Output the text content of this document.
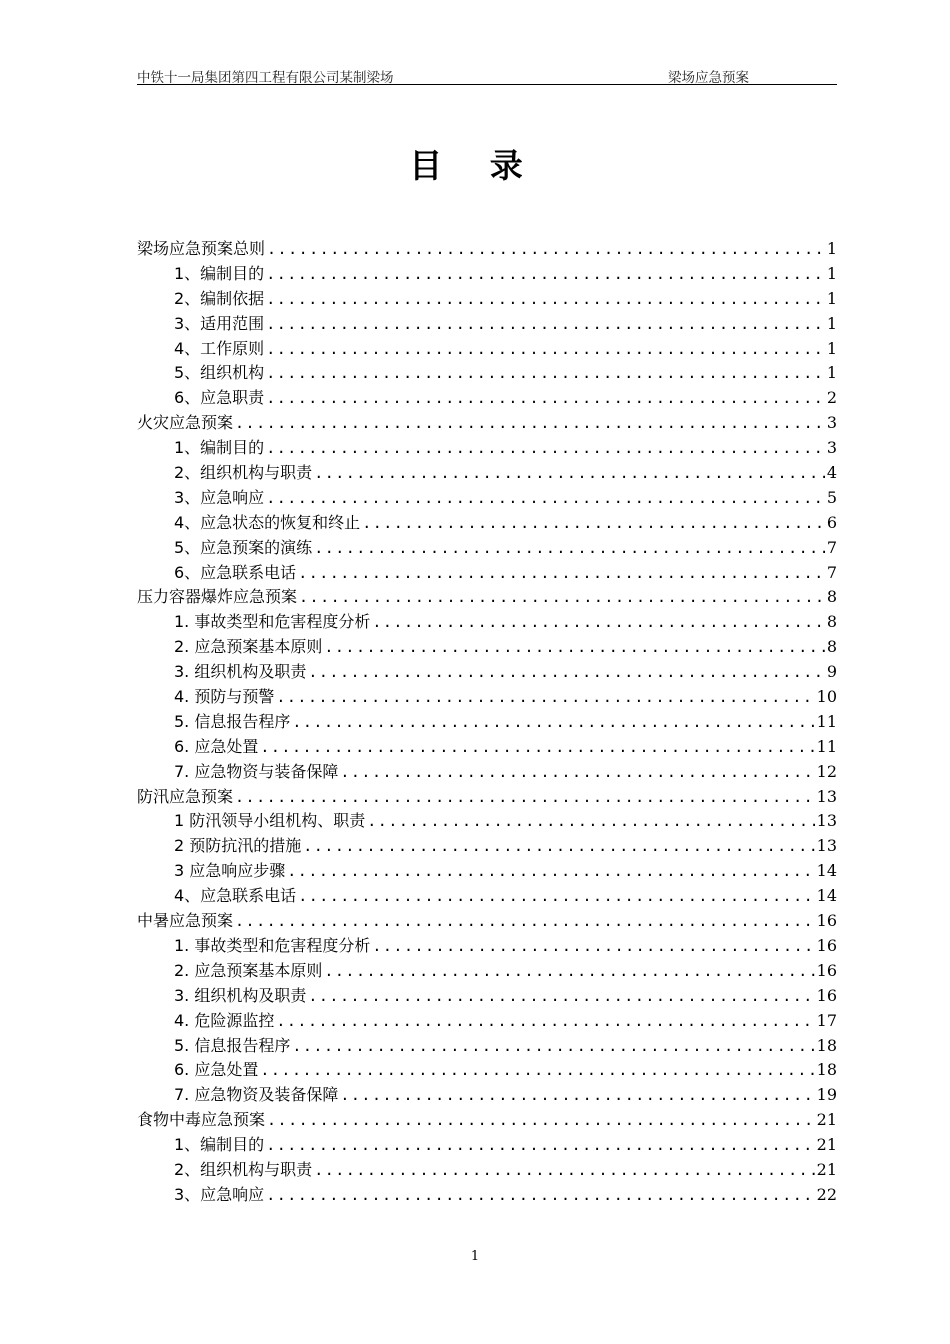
中铁十一局集团第四工程有限公司某制梁场	梁场应急预案
目 录
梁场应急预案总则 .....	1
1、编制目的 .....	1
2、编制依据 .....	1
3、适用范围 .....	1
4、工作原则 .....	1
5、组织机构 .....	1
6、应急职责 .....	2
火灾应急预案 .....	3
1、编制目的 .....	3
2、组织机构与职责 .....	4
3、应急响应 .....	5
4、应急状态的恢复和终止 .....	6
5、应急预案的演练 .....	7
6、应急联系电话 .....	7
压力容器爆炸应急预案 .....	8
1. 事故类型和危害程度分析 .....	8
2. 应急预案基本原则 .....	8
3. 组织机构及职责 .....	9
4. 预防与预警 .....	10
5. 信息报告程序 .....	11
6. 应急处置 .....	11
7. 应急物资与装备保障 .....	12
防汛应急预案 .....	13
1 防汛领导小组机构、职责 .....	13
2 预防抗汛的措施 .....	13
3 应急响应步骤 .....	14
4、应急联系电话 .....	14
中暑应急预案 .....	16
1. 事故类型和危害程度分析 .....	16
2. 应急预案基本原则 .....	16
3. 组织机构及职责 .....	16
4. 危险源监控 .....	17
5. 信息报告程序 .....	18
6. 应急处置 .....	18
7. 应急物资及装备保障 .....	19
食物中毒应急预案 .....	21
1、编制目的 .....	21
2、组织机构与职责 .....	21
3、应急响应 .....	22
1
